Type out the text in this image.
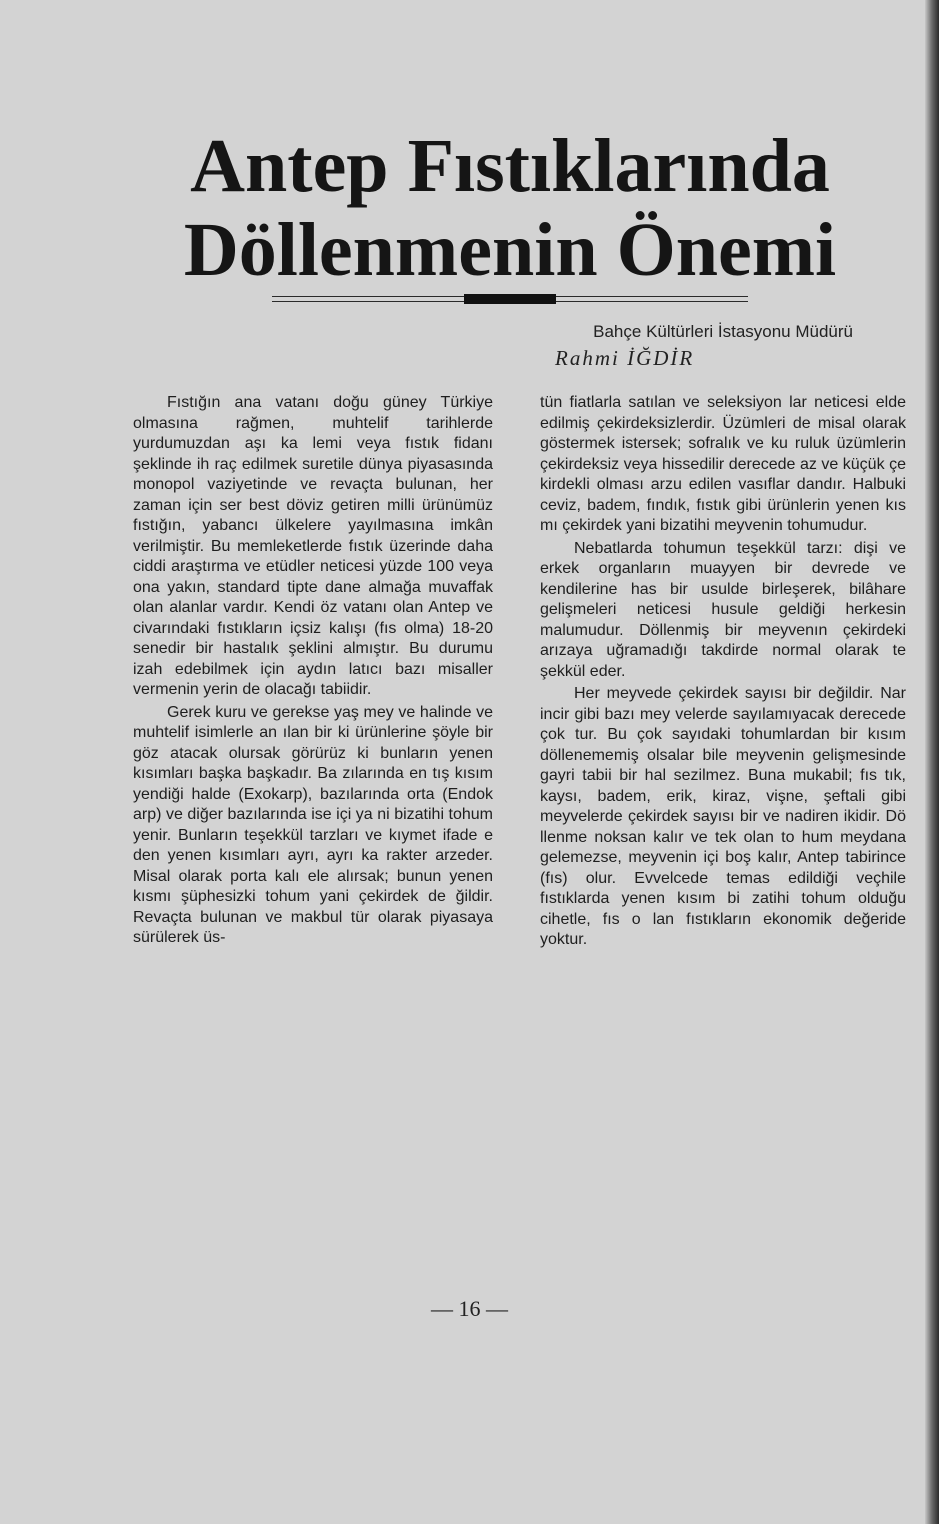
Antep Fıstıklarında
Döllenmenin Önemi
Bahçe Kültürleri İstasyonu Müdürü
Rahmi İĞDİR

Fıstığın ana vatanı doğu güney Türkiye olmasına rağmen, muhtelif tarihlerde yurdumuzdan aşı ka lemi veya fıstık fidanı şeklinde ih raç edilmek suretile dünya piyasasında monopol vaziyetinde ve revaçta bulunan, her zaman için ser best döviz getiren milli ürünümüz fıstığın, yabancı ülkelere yayılmasına imkân verilmiştir. Bu memleketlerde fıstık üzerinde daha ciddi araştırma ve etüdler neticesi yüzde 100 veya ona yakın, standard tipte dane almağa muvaffak olan alanlar vardır. Kendi öz vatanı olan Antep ve civarındaki fıstıkların içsiz kalışı (fıs olma) 18-20 senedir bir hastalık şeklini almıştır. Bu durumu izah edebilmek için aydın latıcı bazı misaller vermenin yerin de olacağı tabiidir.

Gerek kuru ve gerekse yaş mey ve halinde ve muhtelif isimlerle an ılan bir ki ürünlerine şöyle bir göz atacak olursak görürüz ki bunların yenen kısımları başka başkadır. Ba zılarında en tış kısım yendiği halde (Exokarp), bazılarında orta (Endok arp) ve diğer bazılarında ise içi ya ni bizatihi tohum yenir. Bunların teşekkül tarzları ve kıymet ifade e den yenen kısımları ayrı, ayrı ka rakter arzeder. Misal olarak porta kalı ele alırsak; bunun yenen kısmı şüphesizki tohum yani çekirdek de ğildir. Revaçta bulunan ve makbul tür olarak piyasaya sürülerek üs-

tün fiatlarla satılan ve seleksiyon lar neticesi elde edilmiş çekirdeksizlerdir. Üzümleri de misal olarak göstermek istersek; sofralık ve ku ruluk üzümlerin çekirdeksiz veya hissedilir derecede az ve küçük çe kirdekli olması arzu edilen vasıflar dandır. Halbuki ceviz, badem, fındık, fıstık gibi ürünlerin yenen kıs mı çekirdek yani bizatihi meyvenin tohumudur.

Nebatlarda tohumun teşekkül tarzı: dişi ve erkek organların muayyen bir devrede ve kendilerine has bir usulde birleşerek, bilâhare gelişmeleri neticesi husule geldiği herkesin malumudur. Döllenmiş bir meyvenın çekirdeki arızaya uğramadığı takdirde normal olarak te şekkül eder.

Her meyvede çekirdek sayısı bir değildir. Nar incir gibi bazı mey velerde sayılamıyacak derecede çok tur. Bu çok sayıdaki tohumlardan bir kısım döllenememiş olsalar bile meyvenin gelişmesinde gayri tabii bir hal sezilmez. Buna mukabil; fıs tık, kaysı, badem, erik, kiraz, vişne, şeftali gibi meyvelerde çekirdek sayısı bir ve nadiren ikidir. Dö llenme noksan kalır ve tek olan to hum meydana gelemezse, meyvenin içi boş kalır, Antep tabirince (fıs) olur. Evvelcede temas edildiği veçhile fıstıklarda yenen kısım bi zatihi tohum olduğu cihetle, fıs o lan fıstıkların ekonomik değeride yoktur.

— 16 —
